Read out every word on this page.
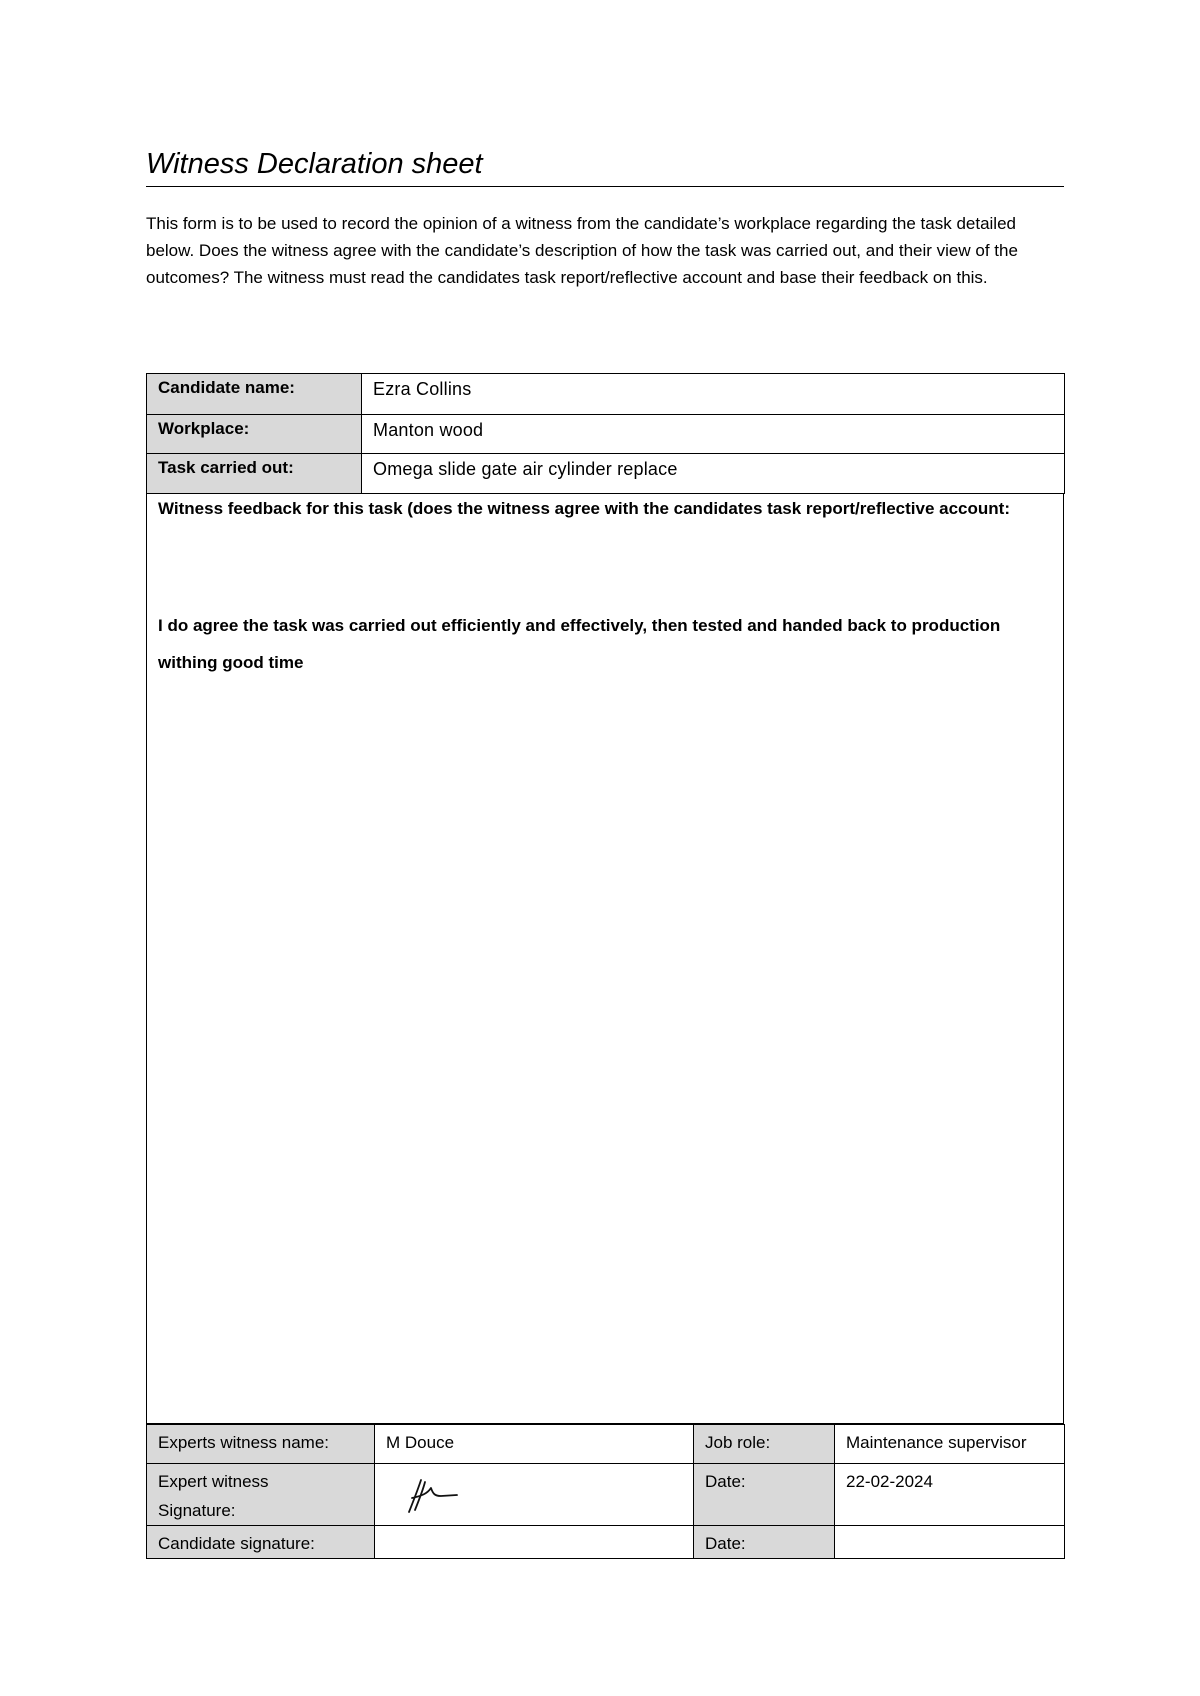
Witness Declaration sheet

This form is to be used to record the opinion of a witness from the candidate’s workplace regarding the task detailed below. Does the witness agree with the candidate’s description of how the task was carried out, and their view of the outcomes? The witness must read the candidates task report/reflective account and base their feedback on this.

Candidate name:	Ezra Collins
Workplace:	Manton wood
Task carried out:	Omega slide gate air cylinder replace
Witness feedback for this task (does the witness agree with the candidates task report/reflective account:
I do agree the task was carried out efficiently and effectively, then tested and handed back to production withing good time
Experts witness name:	M Douce	Job role:	Maintenance supervisor

Expert witness
Signature:		Date:	22-02-2024
Candidate signature:		Date:	
